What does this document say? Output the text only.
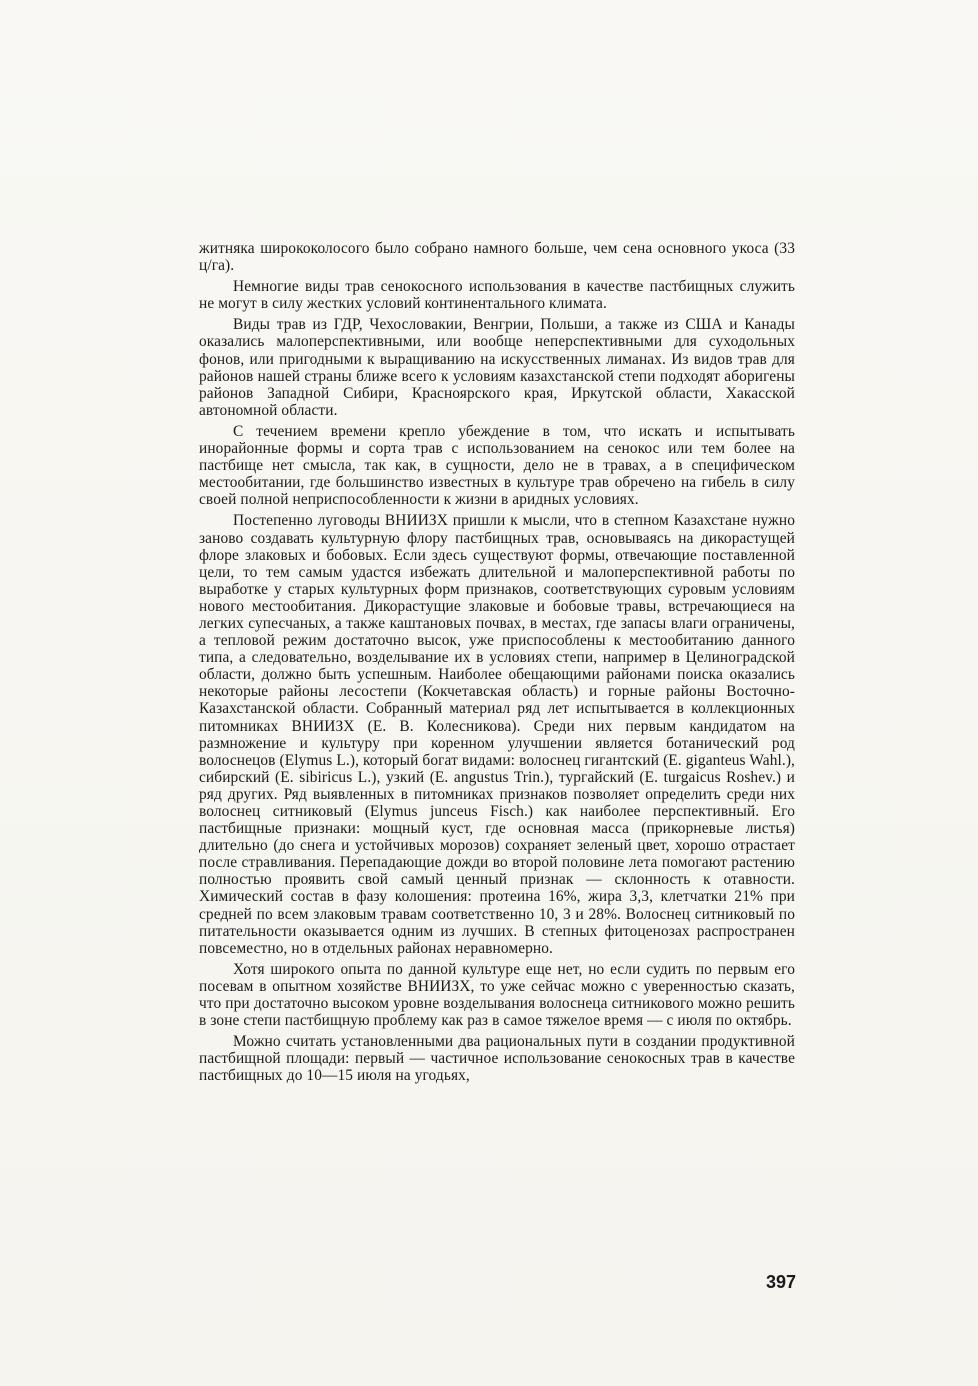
житняка ширококолосого было собрано намного больше, чем сена основного укоса (33 ц/га).

Немногие виды трав сенокосного использования в качестве пастбищных служить не могут в силу жестких условий континентального климата.

Виды трав из ГДР, Чехословакии, Венгрии, Польши, а также из США и Канады оказались малоперспективными, или вообще неперспективными для суходольных фонов, или пригодными к выращиванию на искусственных лиманах. Из видов трав для районов нашей страны ближе всего к условиям казахстанской степи подходят аборигены районов Западной Сибири, Красноярского края, Иркутской области, Хакасской автономной области.

С течением времени крепло убеждение в том, что искать и испытывать инорайонные формы и сорта трав с использованием на сенокос или тем более на пастбище нет смысла, так как, в сущности, дело не в травах, а в специфическом местообитании, где большинство известных в культуре трав обречено на гибель в силу своей полной неприспособленности к жизни в аридных условиях.

Постепенно луговоды ВНИИЗХ пришли к мысли, что в степном Казахстане нужно заново создавать культурную флору пастбищных трав, основываясь на дикорастущей флоре злаковых и бобовых. Если здесь существуют формы, отвечающие поставленной цели, то тем самым удастся избежать длительной и малоперспективной работы по выработке у старых культурных форм признаков, соответствующих суровым условиям нового местообитания. Дикорастущие злаковые и бобовые травы, встречающиеся на легких супесчаных, а также каштановых почвах, в местах, где запасы влаги ограничены, а тепловой режим достаточно высок, уже приспособлены к местообитанию данного типа, а следовательно, возделывание их в условиях степи, например в Целиноградской области, должно быть успешным. Наиболее обещающими районами поиска оказались некоторые районы лесостепи (Кокчетавская область) и горные районы Восточно-Казахстанской области. Собранный материал ряд лет испытывается в коллекционных питомниках ВНИИЗХ (Е. В. Колесникова). Среди них первым кандидатом на размножение и культуру при коренном улучшении является ботанический род волоснецов (Elymus L.), который богат видами: волоснец гигантский (E. giganteus Wahl.), сибирский (E. sibiricus L.), узкий (E. angustus Trin.), тургайский (E. turgaicus Roshev.) и ряд других. Ряд выявленных в питомниках признаков позволяет определить среди них волоснец ситниковый (Elymus junceus Fisch.) как наиболее перспективный. Его пастбищные признаки: мощный куст, где основная масса (прикорневые листья) длительно (до снега и устойчивых морозов) сохраняет зеленый цвет, хорошо отрастает после стравливания. Перепадающие дожди во второй половине лета помогают растению полностью проявить свой самый ценный признак — склонность к отавности. Химический состав в фазу колошения: протеина 16%, жира 3,3, клетчатки 21% при средней по всем злаковым травам соответственно 10, 3 и 28%. Волоснец ситниковый по питательности оказывается одним из лучших. В степных фитоценозах распространен повсеместно, но в отдельных районах неравномерно.

Хотя широкого опыта по данной культуре еще нет, но если судить по первым его посевам в опытном хозяйстве ВНИИЗХ, то уже сейчас можно с уверенностью сказать, что при достаточно высоком уровне возделывания волоснеца ситникового можно решить в зоне степи пастбищную проблему как раз в самое тяжелое время — с июля по октябрь.

Можно считать установленными два рациональных пути в создании продуктивной пастбищной площади: первый — частичное использование сенокосных трав в качестве пастбищных до 10—15 июля на угодьях,

397
